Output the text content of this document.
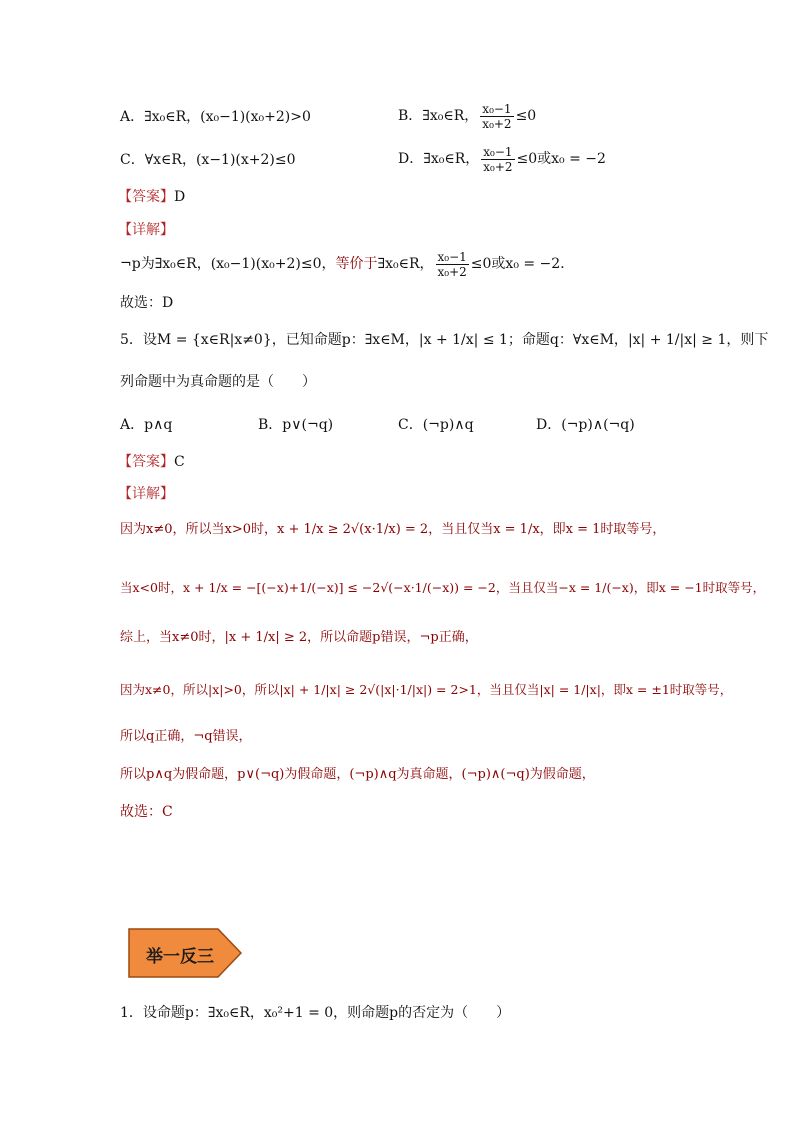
A．∃x₀∈R，(x₀−1)(x₀+2)>0	B．∃x₀∈R， $\frac{\text{x₀−1}}{\text{x₀+2}} \le 0$
C．∀x∈R，(x−1)(x+2)≤0	D．∃x₀∈R， $\frac{\text{x₀−1}}{\text{x₀+2}} \le 0$或x₀ = −2
【答案】D
【详解】
¬p为∃x₀∈R，(x₀−1)(x₀+2)≤0，等价于∃x₀∈R， $\frac{\text{x₀−1}}{\text{x₀+2}} \le 0$或x₀ = −2．
故选：D
5．设M = {x∈R|x≠0}，已知命题p：∃x∈M，|x + 1/x| ≤ 1；命题q：∀x∈M，|x| + 1/|x| ≥ 1，则下
列命题中为真命题的是（　　）
A．p∧q	B．p∨(¬q)	C．(¬p)∧q	D．(¬p)∧(¬q)
【答案】C
【详解】
因为x≠0，所以当x>0时，x + 1/x ≥ 2√(x·1/x) = 2，当且仅当x = 1/x，即x = 1时取等号，
当x<0时，x + 1/x = −[(−x)+1/(−x)] ≤ −2√(−x·1/(−x)) = −2，当且仅当−x = 1/(−x)，即x = −1时取等号，
综上，当x≠0时，|x + 1/x| ≥ 2，所以命题p错误，¬p正确，
因为x≠0，所以|x|>0，所以|x| + 1/|x| ≥ 2√(|x|·1/|x|) = 2>1，当且仅当|x| = 1/|x|，即x = ±1时取等号，
所以q正确，¬q错误，
所以p∧q为假命题，p∨(¬q)为假命题，(¬p)∧q为真命题，(¬p)∧(¬q)为假命题，
故选：C
举一反三
1．设命题p：∃x₀∈R，x₀²+1 = 0，则命题p的否定为（　　）
